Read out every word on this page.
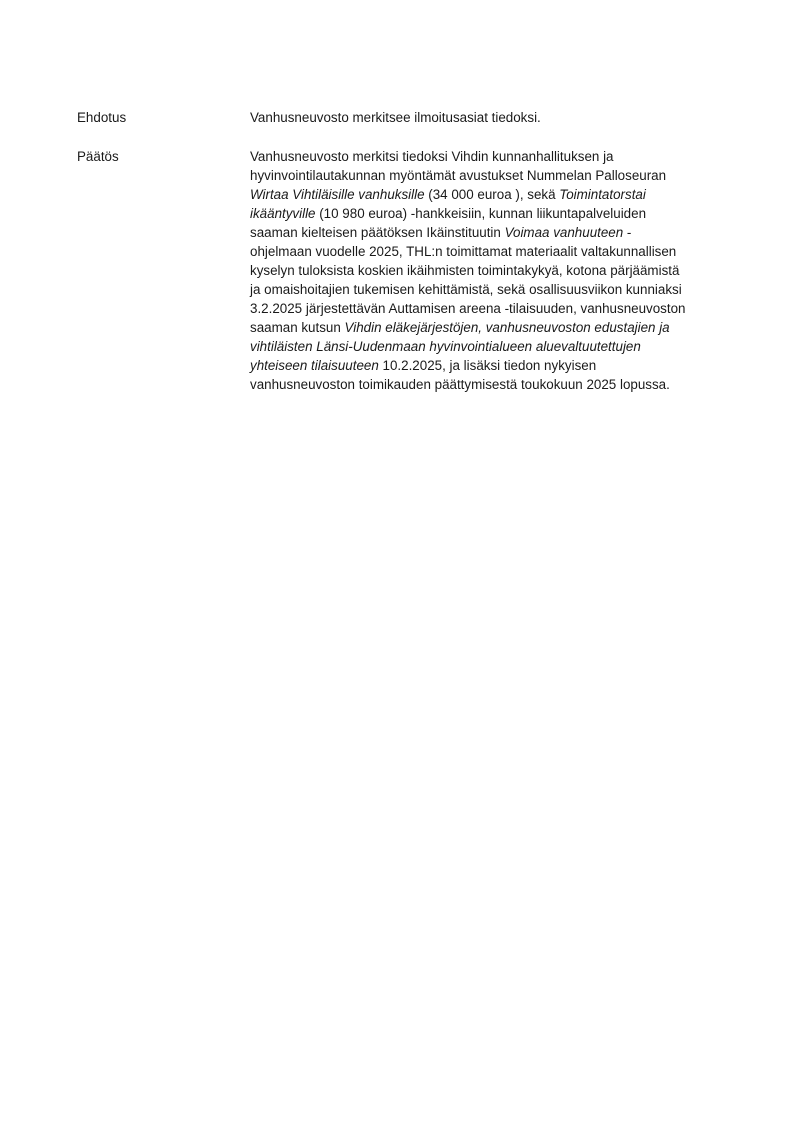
Ehdotus	Vanhusneuvosto merkitsee ilmoitusasiat tiedoksi.
Päätös	Vanhusneuvosto merkitsi tiedoksi Vihdin kunnanhallituksen ja
hyvinvointilautakunnan myöntämät avustukset Nummelan Palloseuran
Wirtaa Vihtiläisille vanhuksille (34 000 euroa ), sekä Toimintatorstai
ikääntyville (10 980 euroa) -hankkeisiin, kunnan liikuntapalveluiden
saaman kielteisen päätöksen Ikäinstituutin Voimaa vanhuuteen -
ohjelmaan vuodelle 2025, THL:n toimittamat materiaalit valtakunnallisen
kyselyn tuloksista koskien ikäihmisten toimintakykyä, kotona pärjäämistä
ja omaishoitajien tukemisen kehittämistä, sekä osallisuusviikon kunniaksi
3.2.2025 järjestettävän Auttamisen areena -tilaisuuden, vanhusneuvoston
saaman kutsun Vihdin eläkejärjestöjen, vanhusneuvoston edustajien ja
vihtiläisten Länsi-Uudenmaan hyvinvointialueen aluevaltuutettujen
yhteiseen tilaisuuteen 10.2.2025, ja lisäksi tiedon nykyisen
vanhusneuvoston toimikauden päättymisestä toukokuun 2025 lopussa.
